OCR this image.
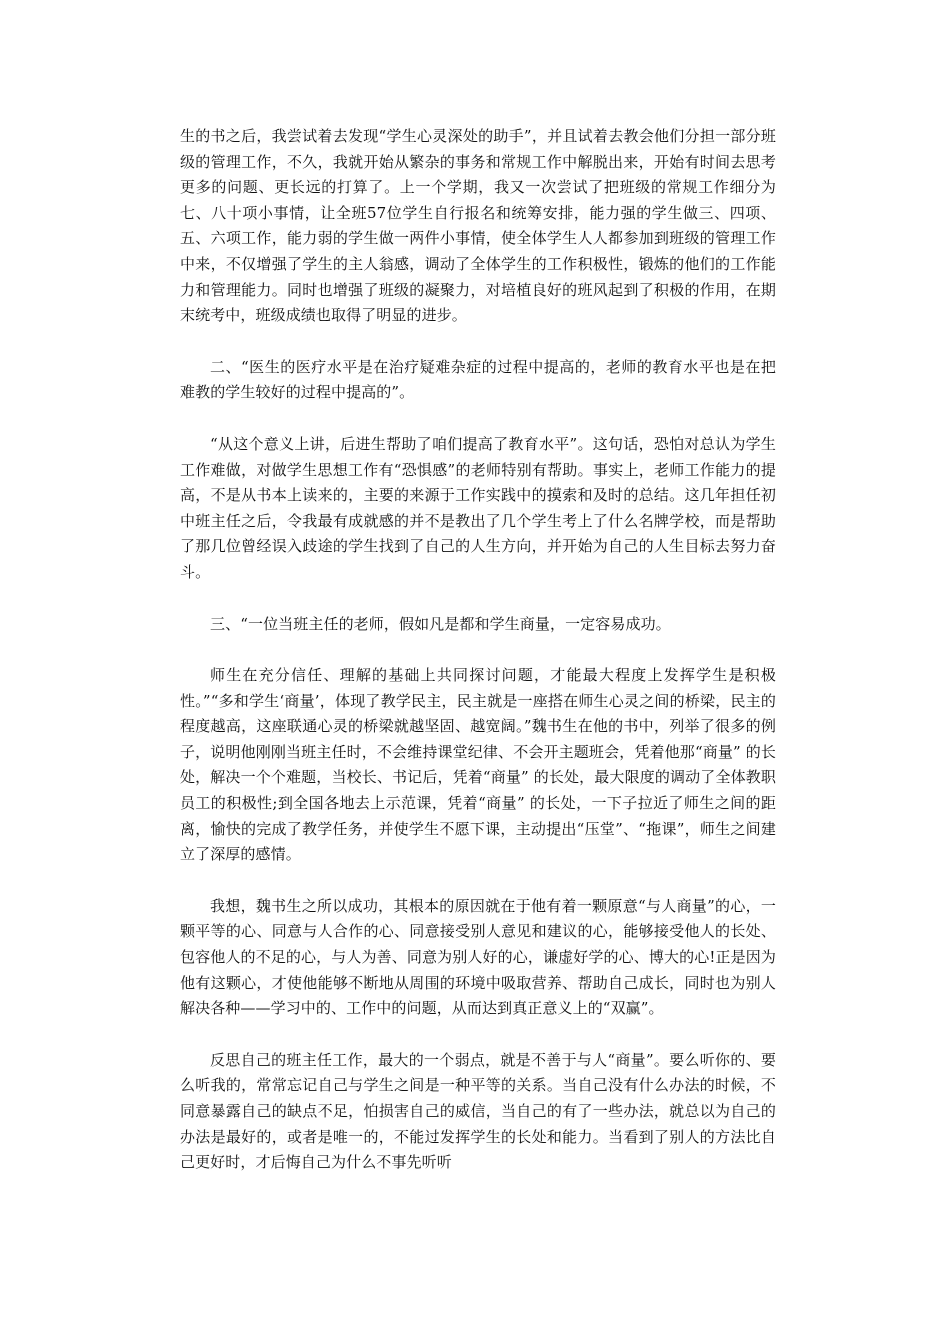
生的书之后，我尝试着去发现“学生心灵深处的助手”，并且试着去教会他们分担一部分班级的管理工作，不久，我就开始从繁杂的事务和常规工作中解脱出来，开始有时间去思考更多的问题、更长远的打算了。上一个学期，我又一次尝试了把班级的常规工作细分为七、八十项小事情，让全班57位学生自行报名和统筹安排，能力强的学生做三、四项、五、六项工作，能力弱的学生做一两件小事情，使全体学生人人都参加到班级的管理工作中来，不仅增强了学生的主人翁感，调动了全体学生的工作积极性，锻炼的他们的工作能力和管理能力。同时也增强了班级的凝聚力，对培植良好的班风起到了积极的作用，在期末统考中，班级成绩也取得了明显的进步。

二、“医生的医疗水平是在治疗疑难杂症的过程中提高的，老师的教育水平也是在把难教的学生较好的过程中提高的”。

“从这个意义上讲，后进生帮助了咱们提高了教育水平”。这句话，恐怕对总认为学生工作难做，对做学生思想工作有“恐惧感”的老师特别有帮助。事实上，老师工作能力的提高，不是从书本上读来的，主要的来源于工作实践中的摸索和及时的总结。这几年担任初中班主任之后，令我最有成就感的并不是教出了几个学生考上了什么名牌学校，而是帮助了那几位曾经误入歧途的学生找到了自己的人生方向，并开始为自己的人生目标去努力奋斗。

三、“一位当班主任的老师，假如凡是都和学生商量，一定容易成功。

师生在充分信任、理解的基础上共同探讨问题，才能最大程度上发挥学生是积极性。”“多和学生‘商量’，体现了教学民主，民主就是一座搭在师生心灵之间的桥梁，民主的程度越高，这座联通心灵的桥梁就越坚固、越宽阔。”魏书生在他的书中，列举了很多的例子，说明他刚刚当班主任时，不会维持课堂纪律、不会开主题班会，凭着他那“商量” 的长处，解决一个个难题，当校长、书记后，凭着“商量” 的长处，最大限度的调动了全体教职员工的积极性;到全国各地去上示范课，凭着“商量” 的长处，一下子拉近了师生之间的距离，愉快的完成了教学任务，并使学生不愿下课，主动提出“压堂”、“拖课”，师生之间建立了深厚的感情。

我想，魏书生之所以成功，其根本的原因就在于他有着一颗原意“与人商量”的心，一颗平等的心、同意与人合作的心、同意接受别人意见和建议的心，能够接受他人的长处、包容他人的不足的心，与人为善、同意为别人好的心，谦虚好学的心、博大的心!正是因为他有这颗心，才使他能够不断地从周围的环境中吸取营养、帮助自己成长，同时也为别人解决各种——学习中的、工作中的问题，从而达到真正意义上的“双赢”。

反思自己的班主任工作，最大的一个弱点，就是不善于与人“商量”。要么听你的、要么听我的，常常忘记自己与学生之间是一种平等的关系。当自己没有什么办法的时候，不同意暴露自己的缺点不足，怕损害自己的威信，当自己的有了一些办法，就总以为自己的办法是最好的，或者是唯一的，不能过发挥学生的长处和能力。当看到了别人的方法比自己更好时，才后悔自己为什么不事先听听
